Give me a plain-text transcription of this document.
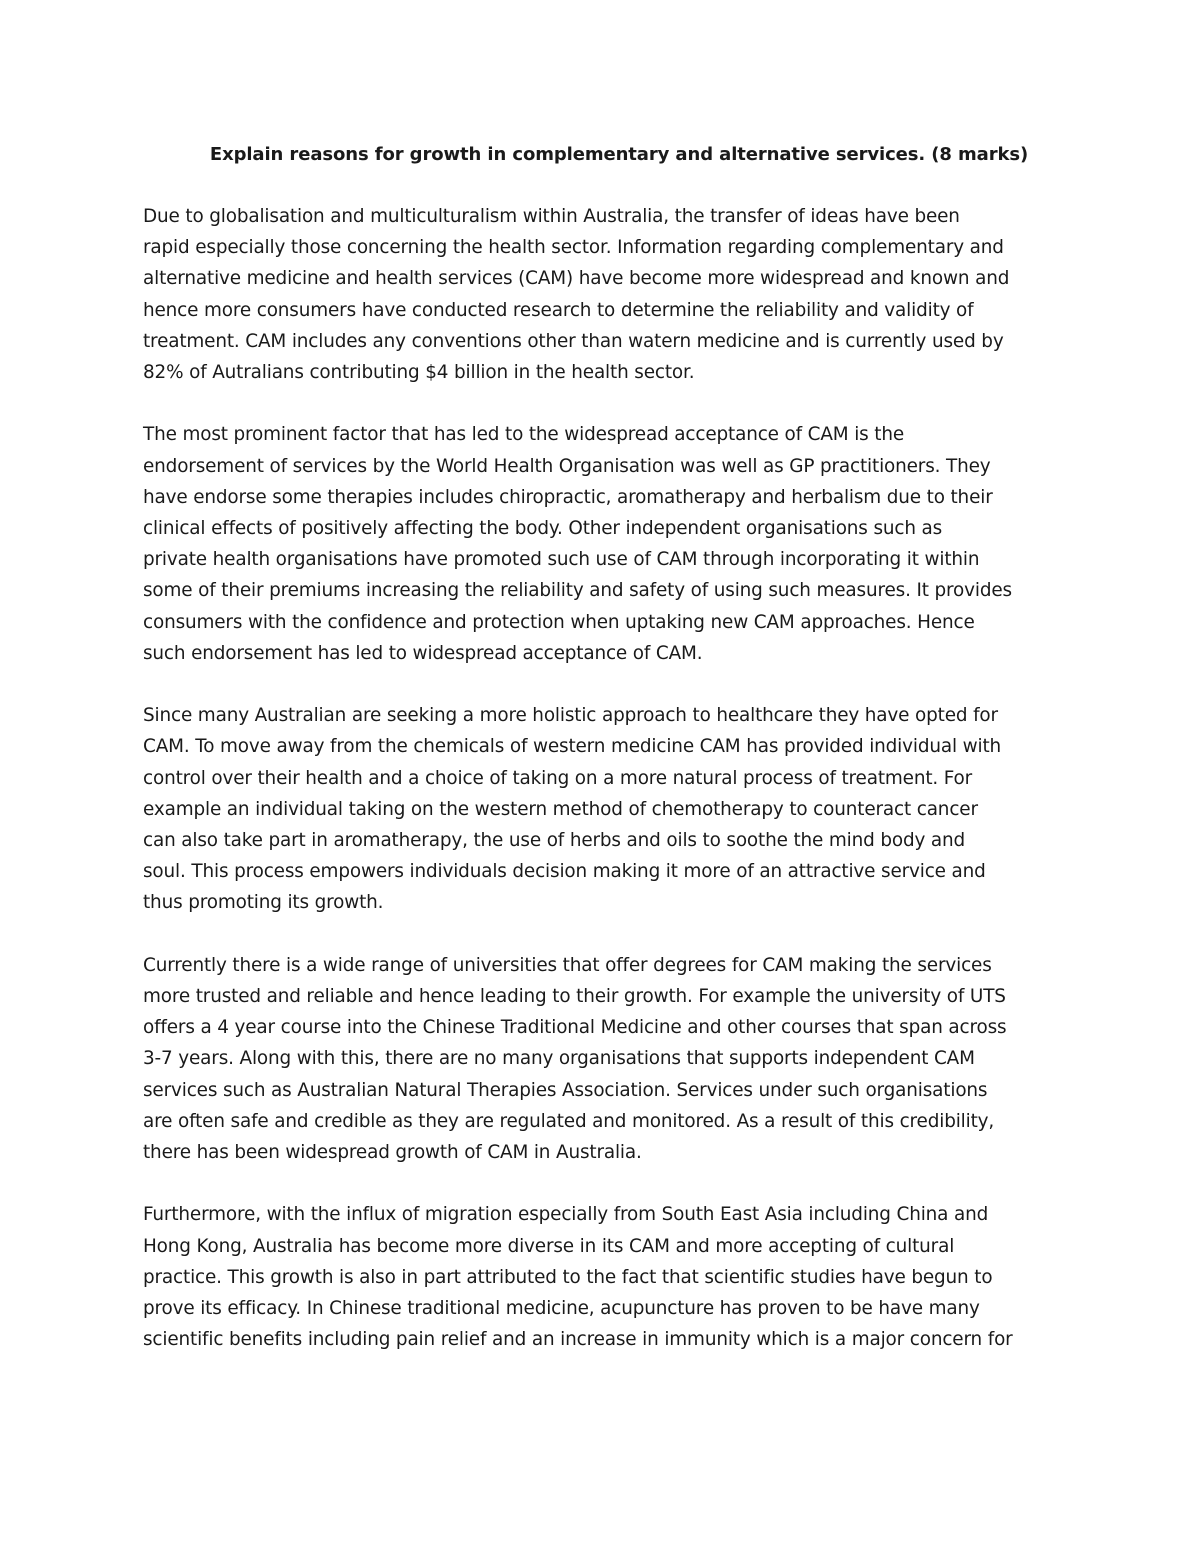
Explain reasons for growth in complementary and alternative services. (8 marks)
Due to globalisation and multiculturalism within Australia, the transfer of ideas have been
rapid especially those concerning the health sector. Information regarding complementary and
alternative medicine and health services (CAM) have become more widespread and known and
hence more consumers have conducted research to determine the reliability and validity of
treatment. CAM includes any conventions other than watern medicine and is currently used by
82% of Autralians contributing $4 billion in the health sector.
The most prominent factor that has led to the widespread acceptance of CAM is the
endorsement of services by the World Health Organisation was well as GP practitioners. They
have endorse some therapies includes chiropractic, aromatherapy and herbalism due to their
clinical effects of positively affecting the body. Other independent organisations such as
private health organisations have promoted such use of CAM through incorporating it within
some of their premiums increasing the reliability and safety of using such measures. It provides
consumers with the confidence and protection when uptaking new CAM approaches. Hence
such endorsement has led to widespread acceptance of CAM.
Since many Australian are seeking a more holistic approach to healthcare they have opted for
CAM. To move away from the chemicals of western medicine CAM has provided individual with
control over their health and a choice of taking on a more natural process of treatment. For
example an individual taking on the western method of chemotherapy to counteract cancer
can also take part in aromatherapy, the use of herbs and oils to soothe the mind body and
soul. This process empowers individuals decision making it more of an attractive service and
thus promoting its growth.
Currently there is a wide range of universities that offer degrees for CAM making the services
more trusted and reliable and hence leading to their growth. For example the university of UTS
offers a 4 year course into the Chinese Traditional Medicine and other courses that span across
3-7 years. Along with this, there are no many organisations that supports independent CAM
services such as Australian Natural Therapies Association. Services under such organisations
are often safe and credible as they are regulated and monitored. As a result of this credibility,
there has been widespread growth of CAM in Australia.
Furthermore, with the influx of migration especially from South East Asia including China and
Hong Kong, Australia has become more diverse in its CAM and more accepting of cultural
practice. This growth is also in part attributed to the fact that scientific studies have begun to
prove its efficacy. In Chinese traditional medicine, acupuncture has proven to be have many
scientific benefits including pain relief and an increase in immunity which is a major concern for
